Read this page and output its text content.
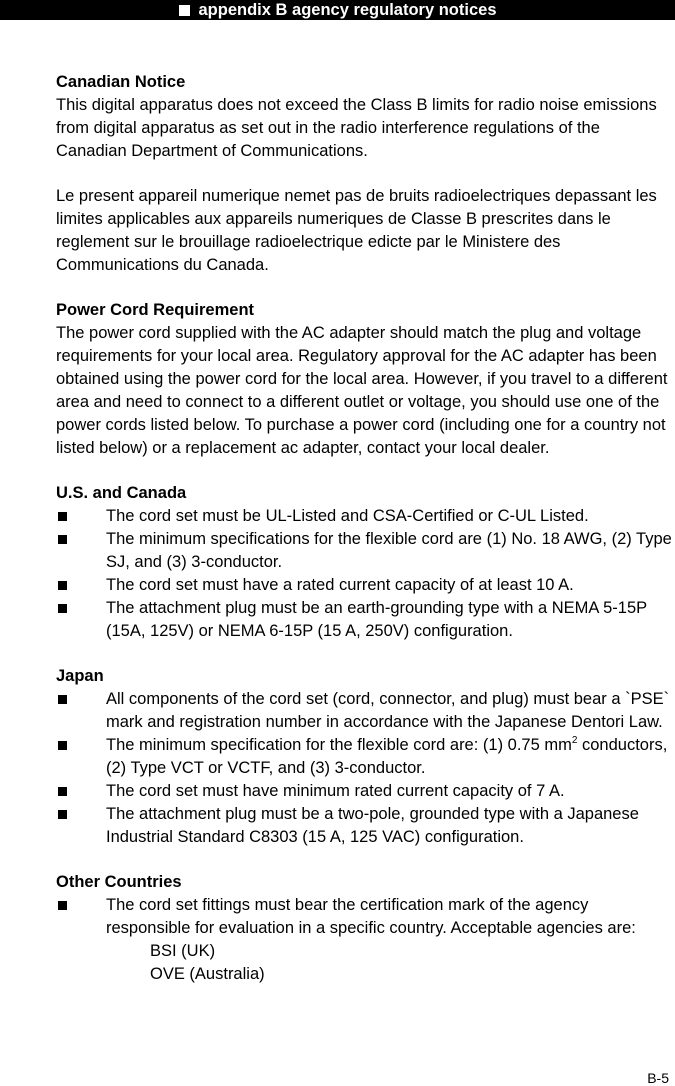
appendix B agency regulatory notices
Canadian Notice

This digital apparatus does not exceed the Class B limits for radio noise emissions from digital apparatus as set out in the radio interference regulations of the Canadian Department of Communications.

Le present appareil numerique nemet pas de bruits radioelectriques depassant les limites applicables aux appareils numeriques de Classe B prescrites dans le reglement sur le brouillage radioelectrique edicte par le Ministere des Communications du Canada.

Power Cord Requirement

The power cord supplied with the AC adapter should match the plug and voltage requirements for your local area. Regulatory approval for the AC adapter has been obtained using the power cord for the local area. However, if you travel to a different area and need to connect to a different outlet or voltage, you should use one of the power cords listed below. To purchase a power cord (including one for a country not listed below) or a replacement ac adapter, contact your local dealer.

U.S. and Canada
The cord set must be UL-Listed and CSA-Certified or C-UL Listed.
The minimum specifications for the flexible cord are (1) No. 18 AWG, (2) Type SJ, and (3) 3-conductor.
The cord set must have a rated current capacity of at least 10 A.
The attachment plug must be an earth-grounding type with a NEMA 5-15P (15A, 125V) or NEMA 6-15P (15 A, 250V) configuration.
Japan
All components of the cord set (cord, connector, and plug) must bear a `PSE` mark and registration number in accordance with the Japanese Dentori Law.
The minimum specification for the flexible cord are: (1) 0.75 $mm^2$ conductors, (2) Type VCT or VCTF, and (3) 3-conductor.
The cord set must have minimum rated current capacity of 7 A.
The attachment plug must be a two-pole, grounded type with a Japanese Industrial Standard C8303 (15 A, 125 VAC) configuration.
Other Countries
The cord set fittings must bear the certification mark of the agency responsible for evaluation in a specific country. Acceptable agencies are:
BSI (UK)
OVE (Australia)
B-5
